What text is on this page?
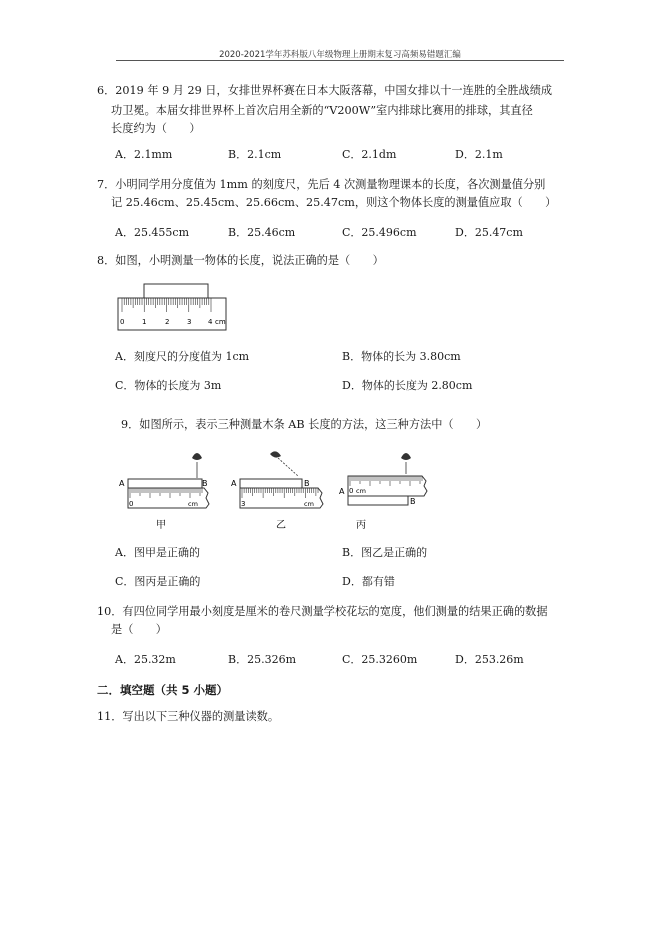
2020-2021学年苏科版八年级物理上册期末复习高频易错题汇编
6．2019 年 9 月 29 日，女排世界杯赛在日本大阪落幕，中国女排以十一连胜的全胜战绩成
功卫冕。本届女排世界杯上首次启用全新的“V200W”室内排球比赛用的排球，其直径
长度约为（　　）
A．2.1mm	B．2.1cm	C．2.1dm	D．2.1m
7．小明同学用分度值为 1mm 的刻度尺，先后 4 次测量物理课本的长度，各次测量值分别
记 25.46cm、25.45cm、25.66cm、25.47cm，则这个物体长度的测量值应取（　　）
A．25.455cm	B．25.46cm	C．25.496cm	D．25.47cm
8．如图，小明测量一物体的长度，说法正确的是（　　）
0	1	2	3 4 cm
A．刻度尺的分度值为 1cm	B．物体的长为 3.80cm
C．物体的长度为 3m	D．物体的长度为 2.80cm
9．如图所示，表示三种测量木条 AB 长度的方法，这三种方法中（　　）
A	B
0	cm
甲
A	B
3	cm
乙
A
B
0 cm
丙
A．图甲是正确的	B．图乙是正确的
C．图丙是正确的	D．都有错
10．有四位同学用最小刻度是厘米的卷尺测量学校花坛的宽度，他们测量的结果正确的数据
是（　　）
A．25.32m	B．25.326m	C．25.3260m	D．253.26m
二．填空题（共 5 小题）
11．写出以下三种仪器的测量读数。
